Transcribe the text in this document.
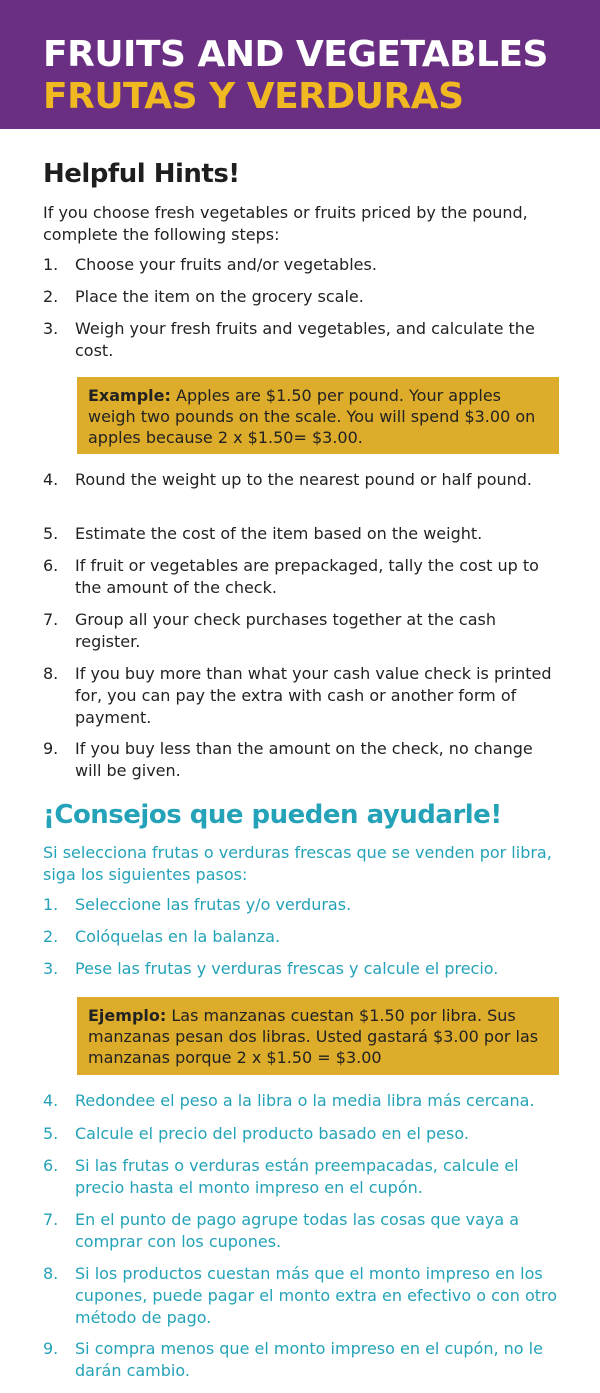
FRUITS AND VEGETABLES
FRUTAS Y VERDURAS
Helpful Hints!
If you choose fresh vegetables or fruits priced by the pound, complete the following steps:
1. Choose your fruits and/or vegetables.
2. Place the item on the grocery scale.
3. Weigh your fresh fruits and vegetables, and calculate the cost.
Example: Apples are $1.50 per pound. Your apples weigh two pounds on the scale. You will spend $3.00 on apples because 2 x $1.50= $3.00.
4. Round the weight up to the nearest pound or half pound.
5. Estimate the cost of the item based on the weight.
6. If fruit or vegetables are prepackaged, tally the cost up to the amount of the check.
7. Group all your check purchases together at the cash register.
8. If you buy more than what your cash value check is printed for, you can pay the extra with cash or another form of payment.
9. If you buy less than the amount on the check, no change will be given.
¡Consejos que pueden ayudarle!
Si selecciona frutas o verduras frescas que se venden por libra, siga los siguientes pasos:
1. Seleccione las frutas y/o verduras.
2. Colóquelas en la balanza.
3. Pese las frutas y verduras frescas y calcule el precio.
Ejemplo: Las manzanas cuestan $1.50 por libra. Sus manzanas pesan dos libras. Usted gastará $3.00 por las manzanas porque 2 x $1.50 = $3.00
4. Redondee el peso a la libra o la media libra más cercana.
5. Calcule el precio del producto basado en el peso.
6. Si las frutas o verduras están preempacadas, calcule el precio hasta el monto impreso en el cupón.
7. En el punto de pago agrupe todas las cosas que vaya a comprar con los cupones.
8. Si los productos cuestan más que el monto impreso en los cupones, puede pagar el monto extra en efectivo o con otro método de pago.
9. Si compra menos que el monto impreso en el cupón, no le darán cambio.
